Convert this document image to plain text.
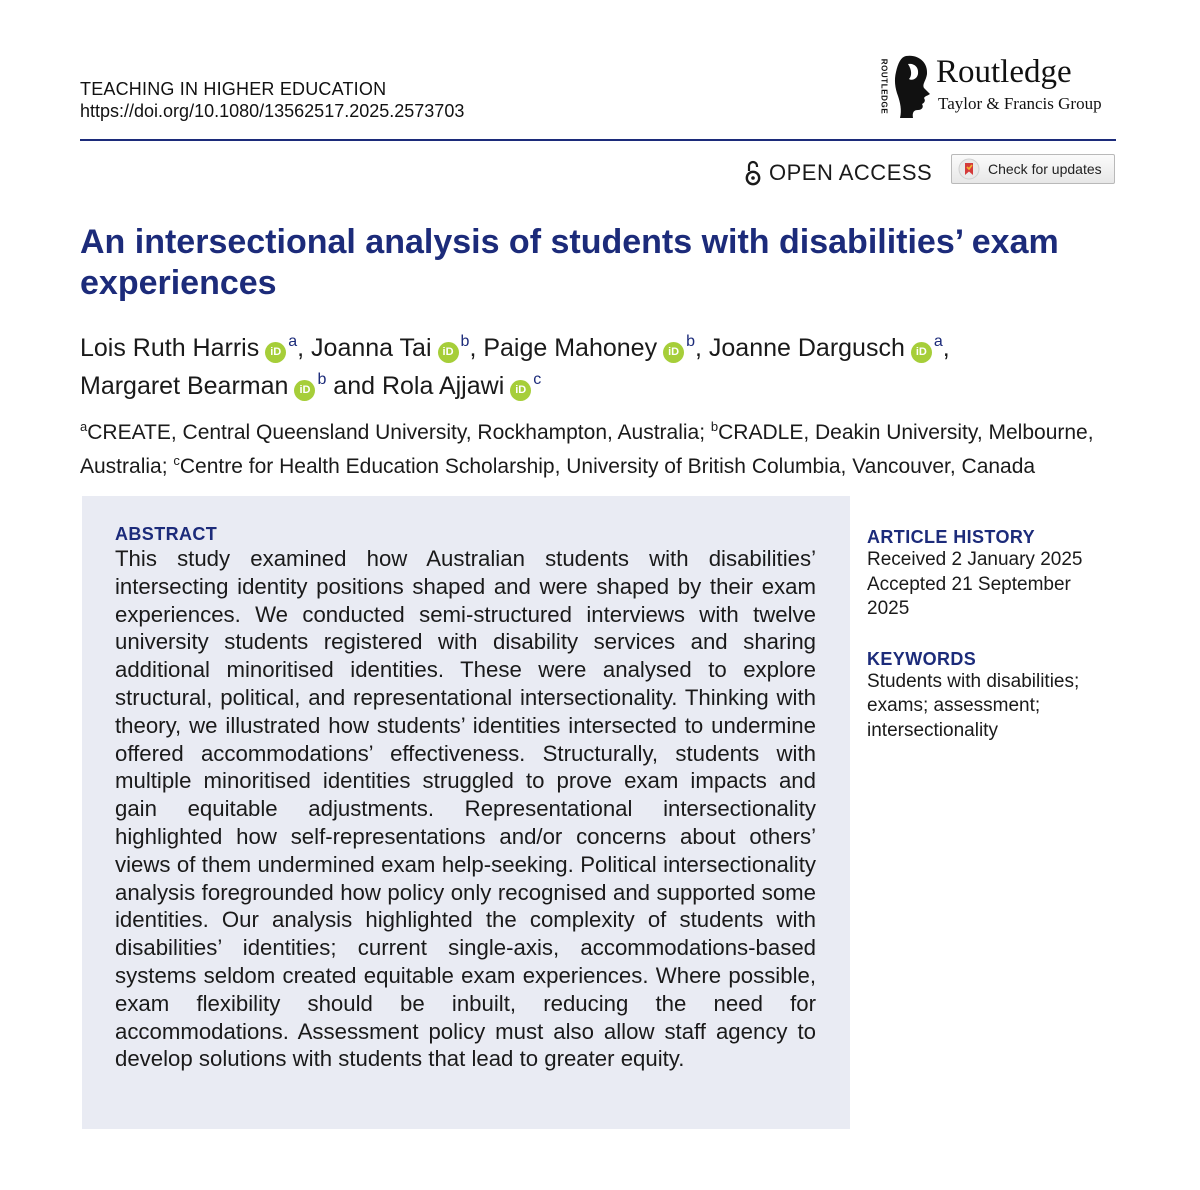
TEACHING IN HIGHER EDUCATION
https://doi.org/10.1080/13562517.2025.2573703	ROUTLEDGE Routledge
Taylor & Francis Group
OPEN ACCESS	Check for updates
An intersectional analysis of students with disabilities’ exam experiences

Lois Ruth Harris iD$^a$, Joanna Tai iD$^b$, Paige Mahoney iD$^b$, Joanne Dargusch iD$^a$,
Margaret Bearman iD$^b$ and Rola Ajjawi iD$^c$

$^a$CREATE, Central Queensland University, Rockhampton, Australia; $^b$CRADLE, Deakin University, Melbourne, Australia; $^c$Centre for Health Education Scholarship, University of British Columbia, Vancouver, Canada

ABSTRACT

This study examined how Australian students with disabilities’ intersecting identity positions shaped and were shaped by their exam experiences. We conducted semi-structured interviews with twelve university students registered with disability services and sharing additional minoritised identities. These were analysed to explore structural, political, and representational intersectionality. Thinking with theory, we illustrated how students’ identities intersected to undermine offered accommodations’ effectiveness. Structurally, students with multiple minoritised identities struggled to prove exam impacts and gain equitable adjustments. Representational intersectionality highlighted how self-representations and/or concerns about others’ views of them undermined exam help-seeking. Political intersectionality analysis foregrounded how policy only recognised and supported some identities. Our analysis highlighted the complexity of students with disabilities’ identities; current single-axis, accommodations-based systems seldom created equitable exam experiences. Where possible, exam flexibility should be inbuilt, reducing the need for accommodations. Assessment policy must also allow staff agency to develop solutions with students that lead to greater equity.

ARTICLE HISTORY

Received 2 January 2025

Accepted 21 September 2025

KEYWORDS

Students with disabilities; exams; assessment; intersectionality
